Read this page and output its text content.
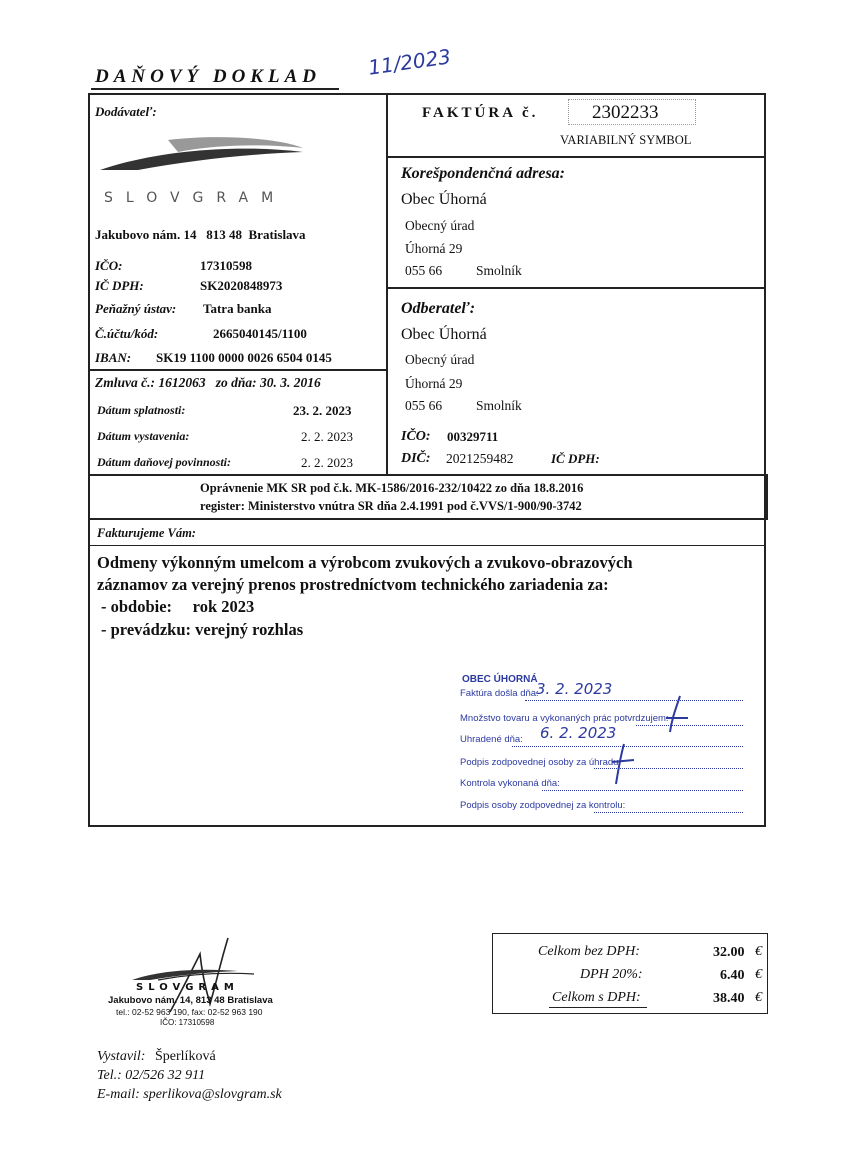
DAŇOVÝ DOKLAD 11/2023
Dodávateľ:
SLOVGRAM
Jakubovo nám. 14   813 48  Bratislava
IČO:	17310598
IČ DPH:	SK2020848973
Peňažný ústav: Tatra banka
Č.účtu/kód:	2665040145/1100
IBAN: SK19 1100 0000 0026 6504 0145
Zmluva č.: 1612063   zo dňa: 30. 3. 2016
Dátum splatnosti:	23. 2. 2023
Dátum vystavenia:	2. 2. 2023
Dátum daňovej povinnosti:	2. 2. 2023
FAKTÚRA č.	2302233
VARIABILNÝ SYMBOL
Korešpondenčná adresa:
Obec Úhorná
Obecný úrad
Úhorná 29
055 66	Smolník
Odberateľ:
Obec Úhorná
Obecný úrad
Úhorná 29
055 66	Smolník
IČO: 00329711
DIČ: 2021259482	IČ DPH:
Oprávnenie MK SR pod č.k. MK-1586/2016-232/10422 zo dňa 18.8.2016
register: Ministerstvo vnútra SR dňa 2.4.1991 pod č.VVS/1-900/90-3742
Fakturujeme Vám:
Odmeny výkonným umelcom a výrobcom zvukových a zvukovo-obrazových
záznamov za verejný prenos prostredníctvom technického zariadenia za:
- obdobie:     rok 2023
- prevádzku: verejný rozhlas
OBEC ÚHORNÁ
Faktúra došla dňa:
3. 2. 2023
Množstvo tovaru a vykonaných prác potvrdzujem:
Uhradené dňa: 6. 2. 2023
Podpis zodpovednej osoby za úhradu:
Kontrola vykonaná dňa:
Podpis osoby zodpovednej za kontrolu:
Celkom bez DPH:	32.00 €
DPH 20%:	6.40 €
Celkom s DPH:	38.40 €
SLOVGRAM
Jakubovo nám. 14, 813 48 Bratislava
tel.: 02-52 963 190, fax: 02-52 963 190
IČO: 17310598
Vystavil: Šperlíková
Tel.: 02/526 32 911
E-mail: sperlikova@slovgram.sk
